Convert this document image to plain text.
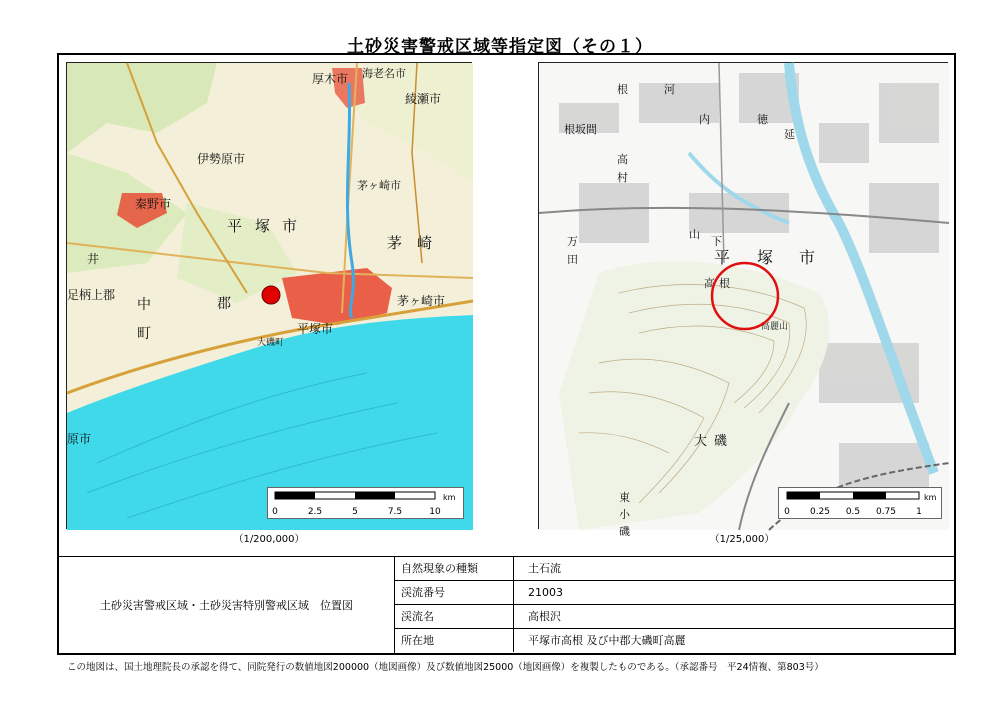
土砂災害警戒区域等指定図（その１）
厚木市 海老名市
綾瀬市
伊勢原市
秦野市
平 塚 市
茅ヶ崎市
茅 崎
足柄上郡
中
井
町
郡
平塚市
大磯町
茅ヶ崎市
原市
km
0	2.5	5	7.5	10
（1/200,000）
根	河
根坂間
内	徳
延
高
村
平 塚 市
万
田
山
下
高 根
高麗山
大 磯
東
小
磯
km
0 0.25 0.5 0.75 1
（1/25,000）
土砂災害警戒区域・土砂災害特別警戒区域　位置図
自然現象の種類	土石流
渓流番号	21003
渓流名	高根沢
所在地	平塚市高根 及び中郡大磯町高麗
この地図は、国土地理院長の承認を得て、同院発行の数値地図200000（地図画像）及び数値地図25000（地図画像）を複製したものである。（承認番号　平24情複、第803号）
